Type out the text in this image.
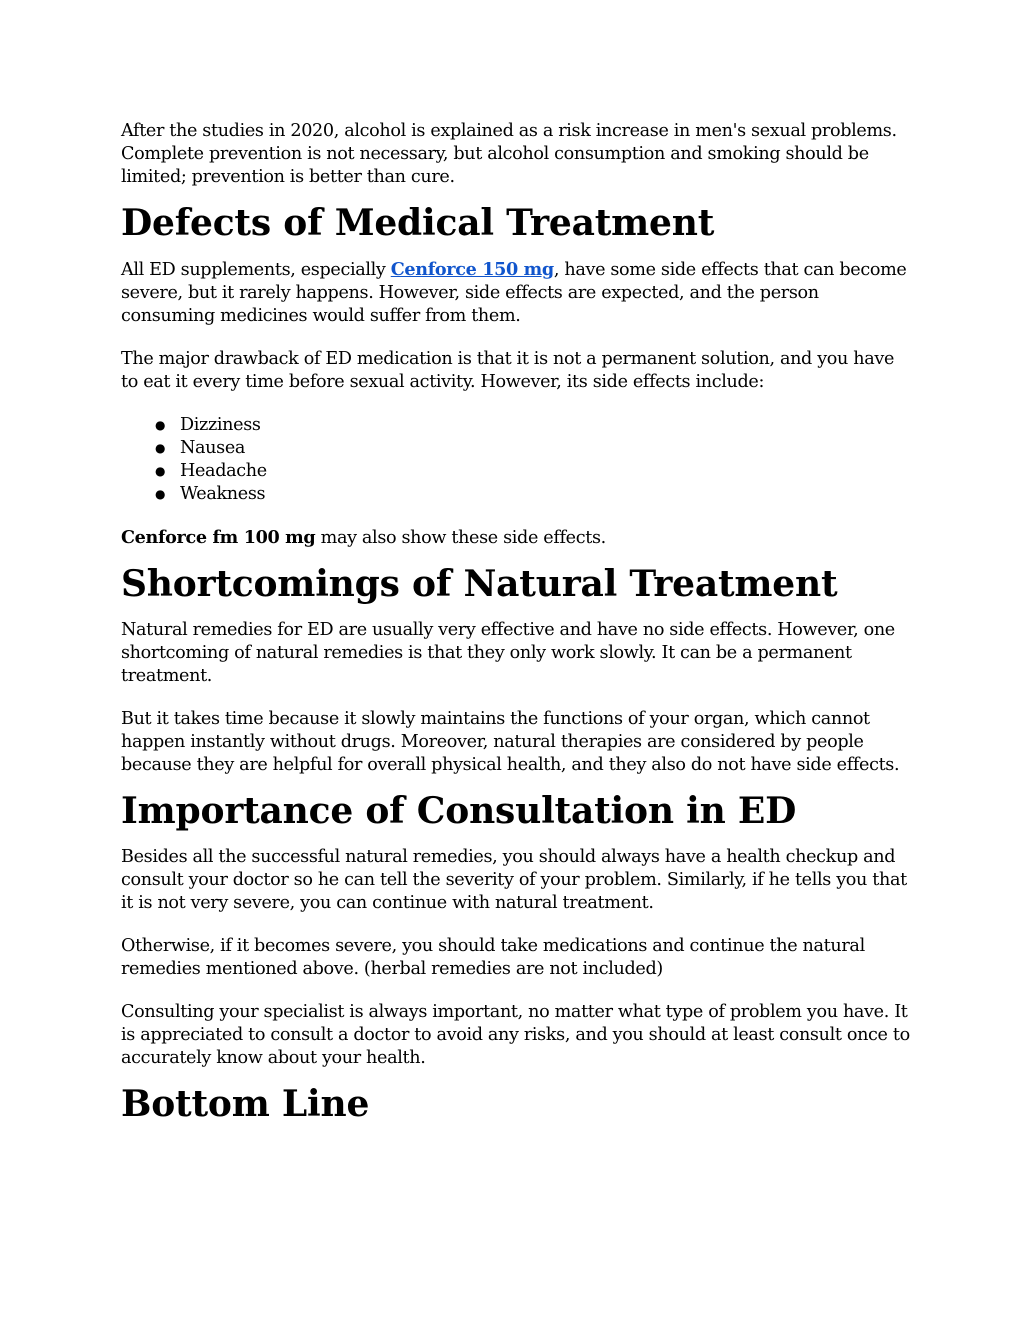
After the studies in 2020, alcohol is explained as a risk increase in men's sexual problems. Complete prevention is not necessary, but alcohol consumption and smoking should be limited; prevention is better than cure.

Defects of Medical Treatment

All ED supplements, especially Cenforce 150 mg, have some side effects that can become severe, but it rarely happens. However, side effects are expected, and the person consuming medicines would suffer from them.

The major drawback of ED medication is that it is not a permanent solution, and you have to eat it every time before sexual activity. However, its side effects include:

● Dizziness
● Nausea
● Headache
● Weakness

Cenforce fm 100 mg may also show these side effects.

Shortcomings of Natural Treatment

Natural remedies for ED are usually very effective and have no side effects. However, one shortcoming of natural remedies is that they only work slowly. It can be a permanent treatment.

But it takes time because it slowly maintains the functions of your organ, which cannot happen instantly without drugs. Moreover, natural therapies are considered by people because they are helpful for overall physical health, and they also do not have side effects.

Importance of Consultation in ED

Besides all the successful natural remedies, you should always have a health checkup and consult your doctor so he can tell the severity of your problem. Similarly, if he tells you that it is not very severe, you can continue with natural treatment.

Otherwise, if it becomes severe, you should take medications and continue the natural remedies mentioned above. (herbal remedies are not included)

Consulting your specialist is always important, no matter what type of problem you have. It is appreciated to consult a doctor to avoid any risks, and you should at least consult once to accurately know about your health.

Bottom Line
